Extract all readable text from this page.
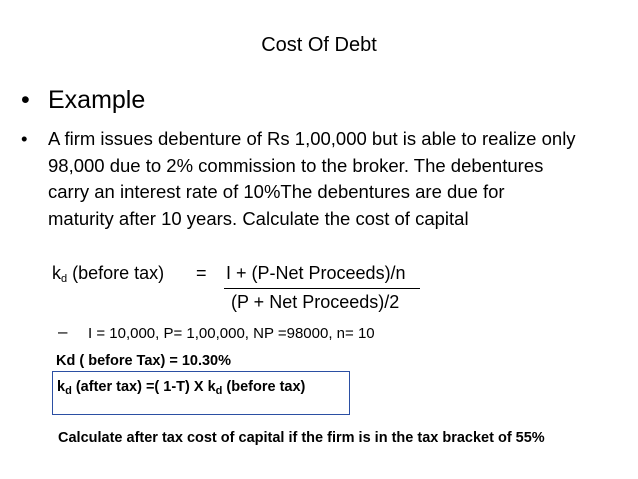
Cost Of Debt
• Example
• A firm issues debenture of Rs 1,00,000 but is able to realize only
98,000 due to 2% commission to the broker. The debentures
carry an interest rate of 10%The debentures are due for
maturity after 10 years. Calculate the cost of capital
$k_d$ (before tax) = I + (P-Net Proceeds)/n
(P + Net Proceeds)/2
– I = 10,000, P= 1,00,000, NP =98000, n= 10
Kd ( before Tax) = 10.30%
$k_d$ (after tax) =( 1-T) X $k_d$ (before tax)
Calculate after tax cost of capital if the firm is in the tax bracket of 55%
